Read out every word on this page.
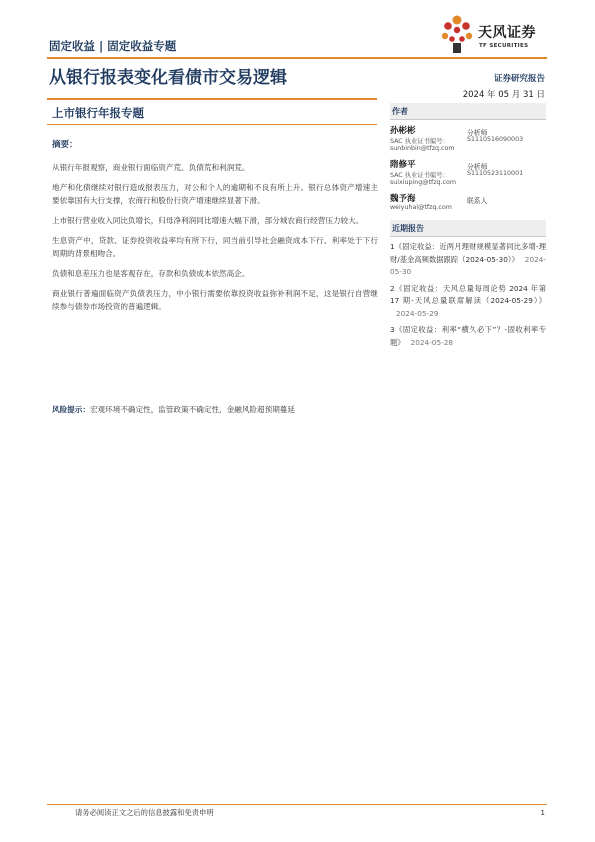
固定收益 | 固定收益专题
天风证券
TF SECURITIES
从银行报表变化看债市交易逻辑	证券研究报告
2024 年 05 月 31 日
上市银行年报专题
摘要：

从银行年报观察，商业银行面临资产荒、负债荒和利润荒。

地产和化债继续对银行造成报表压力，对公和个人的逾期和不良有所上升。银行总体资产增速主要依靠国有大行支撑，农商行和股份行资产增速继续显著下滑。

上市银行营业收入同比负增长，归母净利润同比增速大幅下滑，部分城农商行经营压力较大。

生息资产中，贷款、证券投资收益率均有所下行，同当前引导社会融资成本下行、利率处于下行周期的背景相吻合。

负债和息差压力也是客观存在，存款和负债成本依然高企。

商业银行普遍面临资产负债表压力，中小银行需要依靠投资收益弥补利润不足，这是银行自营继续参与债券市场投资的普遍逻辑。

风险提示：宏观环境不确定性，监管政策不确定性，金融风险超预期蔓延
作者
孙彬彬	分析师
SAC 执业证书编号：	S1110516090003
sunbinbin@tfzq.com
隋修平	分析师
SAC 执业证书编号：	S1110523110001
suixiuping@tfzq.com
魏予海	联系人
weiyuhai@tfzq.com
近期报告
1《固定收益：近两月理财规模显著同比多增-理财/基金高频数据跟踪（2024-05-30）》 2024-05-30
2《固定收益：天风总量每周论势 2024 年第 17 期-天风总量联席解读（2024-05-29）》2024-05-29
3《固定收益：利率“横久必下”？-固收利率专题》 2024-05-28
请务必阅读正文之后的信息披露和免责申明	1
